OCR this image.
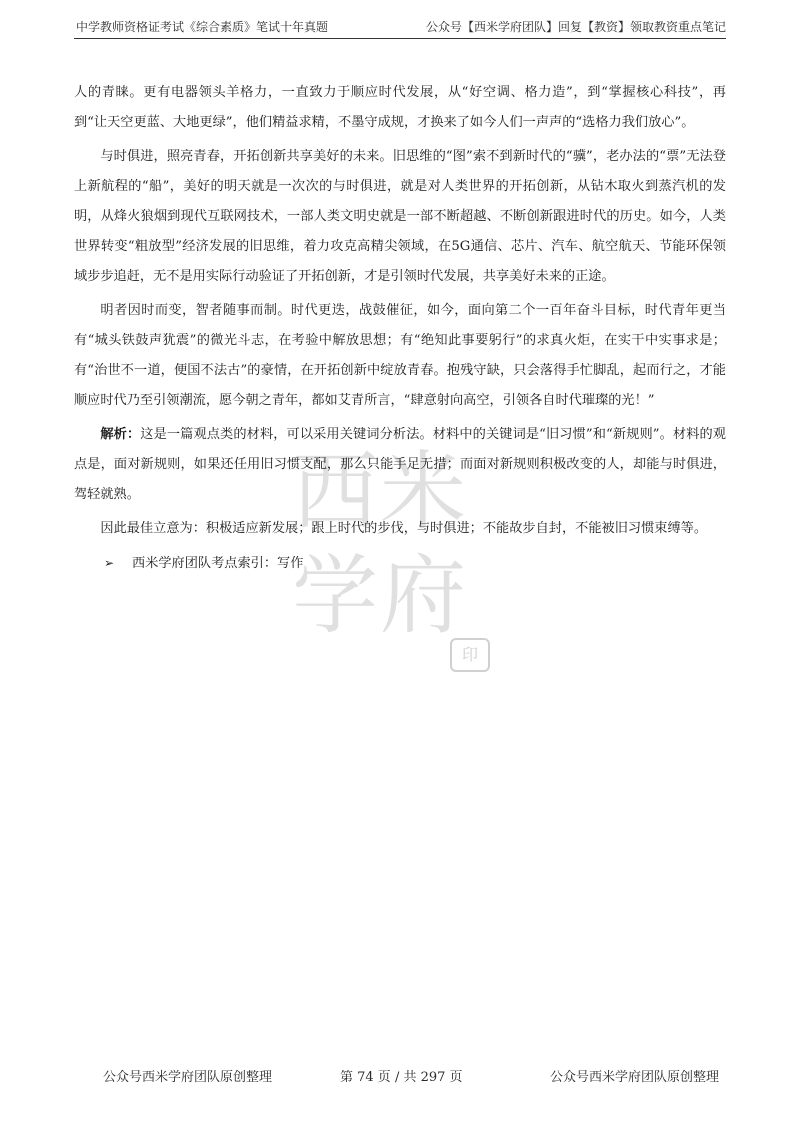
中学教师资格证考试《综合素质》笔试十年真题	公众号【西米学府团队】回复【教资】领取教资重点笔记
西米
学府
印

人的青睐。更有电器领头羊格力，一直致力于顺应时代发展，从“好空调、格力造”，到“掌握核心科技”，再到“让天空更蓝、大地更绿”，他们精益求精，不墨守成规，才换来了如今人们一声声的“选格力我们放心”。

与时俱进，照亮青春，开拓创新共享美好的未来。旧思维的“图”索不到新时代的“骥”，老办法的“票”无法登上新航程的“船”，美好的明天就是一次次的与时俱进，就是对人类世界的开拓创新，从钻木取火到蒸汽机的发明，从烽火狼烟到现代互联网技术，一部人类文明史就是一部不断超越、不断创新跟进时代的历史。如今，人类世界转变“粗放型”经济发展的旧思维，着力攻克高精尖领域，在5G通信、芯片、汽车、航空航天、节能环保领域步步追赶，无不是用实际行动验证了开拓创新，才是引领时代发展，共享美好未来的正途。

明者因时而变，智者随事而制。时代更迭，战鼓催征，如今，面向第二个一百年奋斗目标，时代青年更当有“城头铁鼓声犹震”的微光斗志，在考验中解放思想；有“绝知此事要躬行”的求真火炬，在实干中实事求是；有“治世不一道，便国不法古”的豪情，在开拓创新中绽放青春。抱残守缺，只会落得手忙脚乱，起而行之，才能顺应时代乃至引领潮流，愿今朝之青年，都如艾青所言，“肆意射向高空，引领各自时代璀璨的光！”

解析：这是一篇观点类的材料，可以采用关键词分析法。材料中的关键词是“旧习惯”和“新规则”。材料的观点是，面对新规则，如果还任用旧习惯支配，那么只能手足无措；而面对新规则积极改变的人，却能与时俱进，驾轻就熟。

因此最佳立意为：积极适应新发展；跟上时代的步伐，与时俱进；不能故步自封，不能被旧习惯束缚等。

➢ 西米学府团队考点索引：写作
公众号西米学府团队原创整理	第 74 页 / 共 297 页	公众号西米学府团队原创整理
